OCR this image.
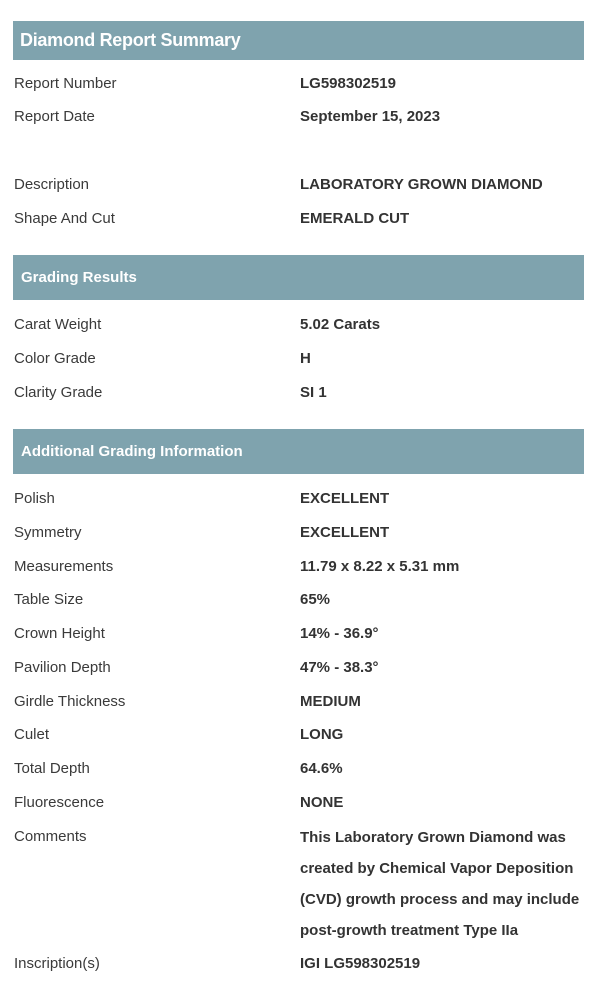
Diamond Report Summary
Report Number	LG598302519
Report Date	September 15, 2023
Description	LABORATORY GROWN DIAMOND
Shape And Cut	EMERALD CUT
Grading Results
Carat Weight	5.02 Carats
Color Grade	H
Clarity Grade	SI 1
Additional Grading Information
Polish	EXCELLENT
Symmetry	EXCELLENT
Measurements	11.79 x 8.22 x 5.31 mm
Table Size	65%
Crown Height	14% - 36.9°
Pavilion Depth	47% - 38.3°
Girdle Thickness	MEDIUM
Culet	LONG
Total Depth	64.6%
Fluorescence	NONE
Comments	This Laboratory Grown Diamond was created by Chemical Vapor Deposition (CVD) growth process and may include post-growth treatment Type IIa
Inscription(s)	IGI LG598302519
